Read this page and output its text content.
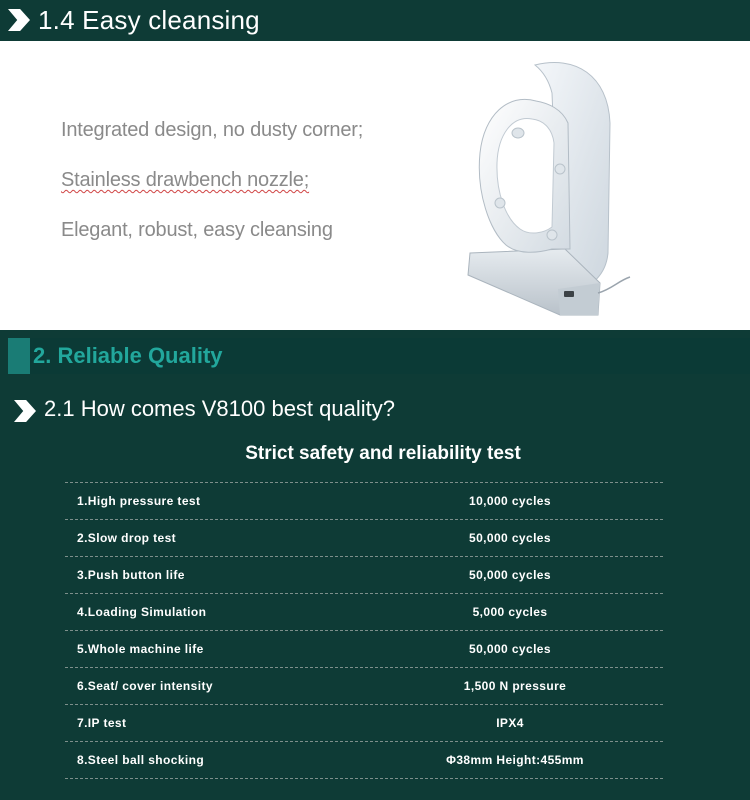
1.4 Easy cleansing
Integrated design, no dusty corner;
Stainless drawbench nozzle;
Elegant, robust, easy cleansing
2. Reliable Quality
2.1 How comes V8100 best quality?
Strict safety and reliability test
1.High pressure test	10,000 cycles
2.Slow drop test	50,000 cycles
3.Push button life	50,000 cycles
4.Loading Simulation	5,000 cycles
5.Whole machine life	50,000 cycles
6.Seat/ cover intensity	1,500 N pressure
7.IP test	IPX4
8.Steel ball shocking	Φ38mm Height:455mm
